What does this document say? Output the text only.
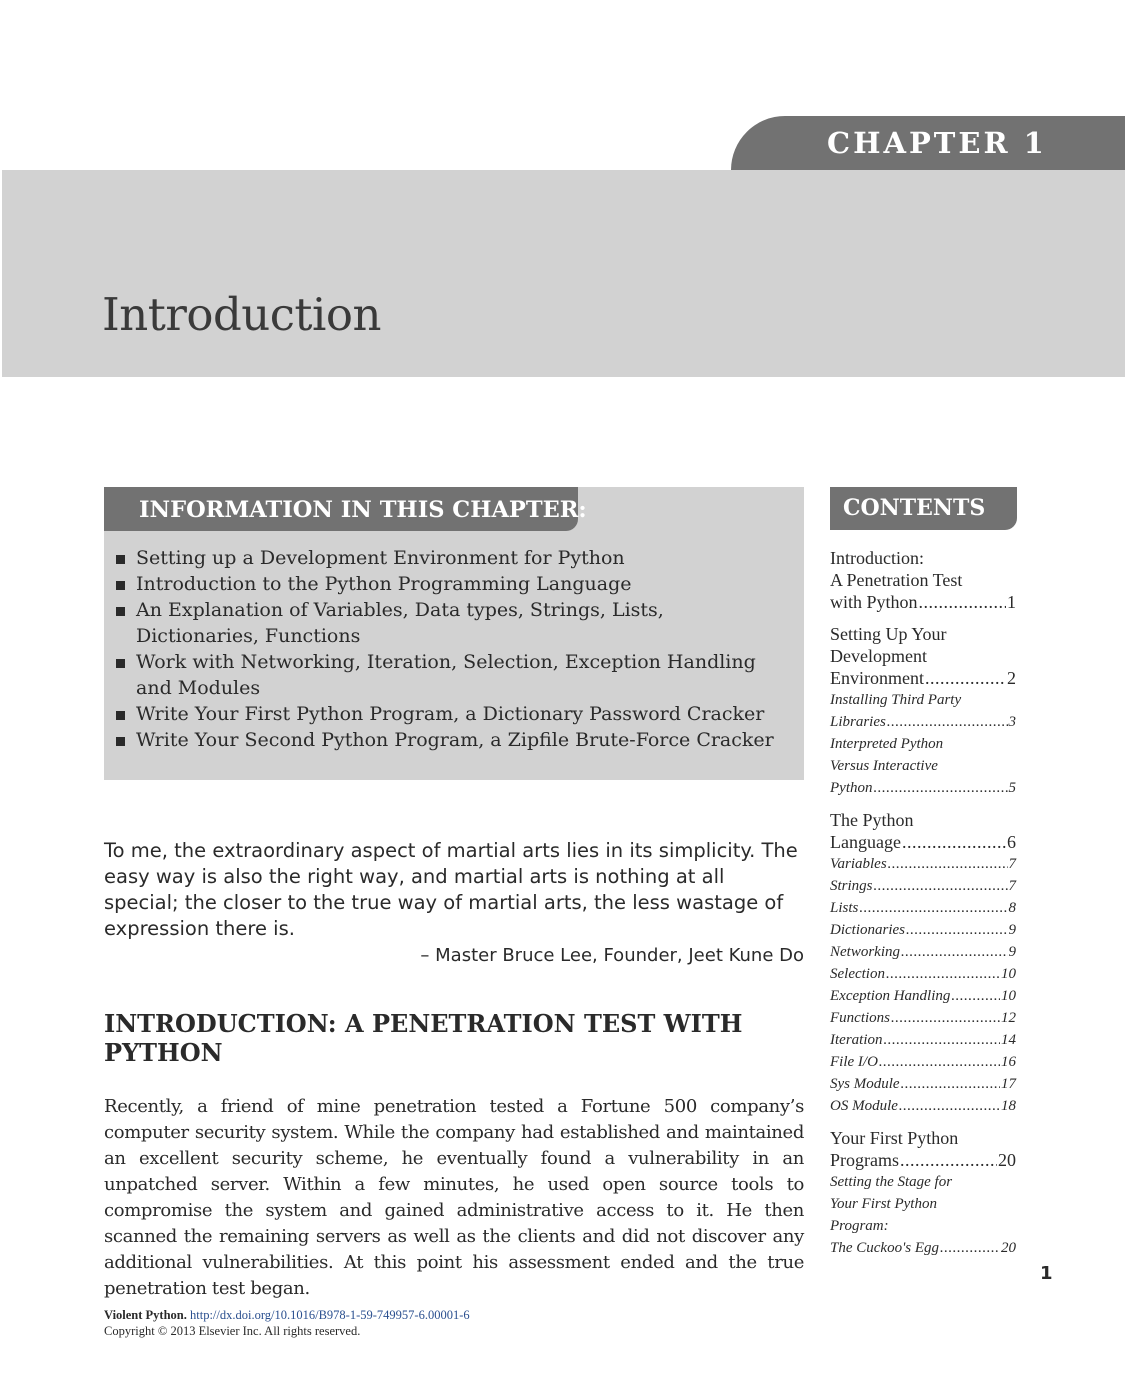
CHAPTER 1
Introduction
INFORMATION IN THIS CHAPTER:
Setting up a Development Environment for Python
Introduction to the Python Programming Language
An Explanation of Variables, Data types, Strings, Lists, Dictionaries, Functions
Work with Networking, Iteration, Selection, Exception Handling and Modules
Write Your First Python Program, a Dictionary Password Cracker
Write Your Second Python Program, a Zipfile Brute-Force Cracker

To me, the extraordinary aspect of martial arts lies in its simplicity. The easy way is also the right way, and martial arts is nothing at all special; the closer to the true way of martial arts, the less wastage of expression there is.

– Master Bruce Lee, Founder, Jeet Kune Do

INTRODUCTION: A PENETRATION TEST WITH PYTHON

Recently, a friend of mine penetration tested a Fortune 500 company’s computer security system. While the company had established and maintained an excellent security scheme, he eventually found a vulnerability in an unpatched server. Within a few minutes, he used open source tools to compromise the system and gained administrative access to it. He then scanned the remaining servers as well as the clients and did not discover any additional vulnerabilities. At this point his assessment ended and the true penetration test began.

CONTENTS
Introduction:
A Penetration Test
with Python .....	1
Setting Up Your
Development
Environment .....	2
Installing Third Party
Libraries .....	3
Interpreted Python
Versus Interactive
Python .....	5
The Python
Language .....	6
Variables .....	7
Strings .....	7
Lists .....	8
Dictionaries .....	9
Networking .....	9
Selection .....	10
Exception Handling .....	10
Functions .....	12
Iteration .....	14
File I/O .....	16
Sys Module .....	17
OS Module .....	18
Your First Python
Programs .....	20
Setting the Stage for
Your First Python
Program:
The Cuckoo's Egg .....	20
1
Violent Python. http://dx.doi.org/10.1016/B978-1-59-749957-6.00001-6
Copyright © 2013 Elsevier Inc. All rights reserved.
